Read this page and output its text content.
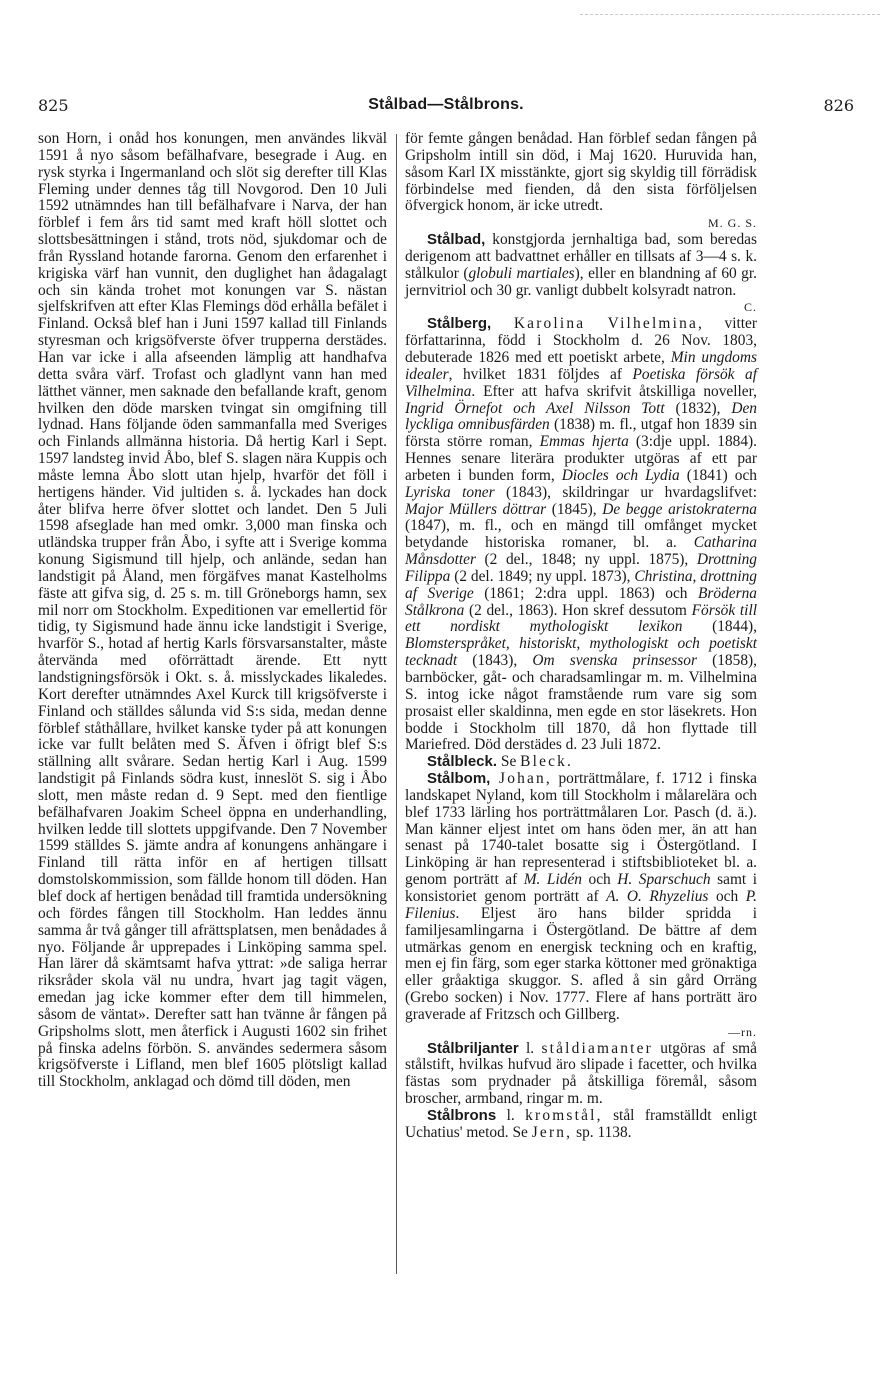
825	Stålbad—Stålbrons.	826

son Horn, i onåd hos konungen, men användes likväl 1591 å nyo såsom befälhafvare, besegrade i Aug. en rysk styrka i Ingermanland och slöt sig derefter till Klas Fleming under dennes tåg till Novgorod. Den 10 Juli 1592 utnämndes han till befälhafvare i Narva, der han förblef i fem års tid samt med kraft höll slottet och slottsbesättningen i stånd, trots nöd, sjukdomar och de från Ryssland hotande farorna. Genom den erfarenhet i krigiska värf han vunnit, den duglighet han ådagalagt och sin kända trohet mot konungen var S. nästan sjelfskrifven att efter Klas Flemings död erhålla befälet i Finland. Också blef han i Juni 1597 kallad till Finlands styresman och krigsöfverste öfver trupperna derstädes. Han var icke i alla afseenden lämplig att handhafva detta svåra värf. Trofast och gladlynt vann han med lätthet vänner, men saknade den befallande kraft, genom hvilken den döde marsken tvingat sin omgifning till lydnad. Hans följande öden sammanfalla med Sveriges och Finlands allmänna historia. Då hertig Karl i Sept. 1597 landsteg invid Åbo, blef S. slagen nära Kuppis och måste lemna Åbo slott utan hjelp, hvarför det föll i hertigens händer. Vid jultiden s. å. lyckades han dock åter blifva herre öfver slottet och landet. Den 5 Juli 1598 afseglade han med omkr. 3,000 man finska och utländska trupper från Åbo, i syfte att i Sverige komma konung Sigismund till hjelp, och anlände, sedan han landstigit på Åland, men förgäfves manat Kastelholms fäste att gifva sig, d. 25 s. m. till Gröneborgs hamn, sex mil norr om Stockholm. Expeditionen var emellertid för tidig, ty Sigismund hade ännu icke landstigit i Sverige, hvarför S., hotad af hertig Karls försvarsanstalter, måste återvända med oförrättadt ärende. Ett nytt landstigningsförsök i Okt. s. å. misslyckades likaledes. Kort derefter utnämndes Axel Kurck till krigsöfverste i Finland och ställdes sålunda vid S:s sida, medan denne förblef ståthållare, hvilket kanske tyder på att konungen icke var fullt belåten med S. Äfven i öfrigt blef S:s ställning allt svårare. Sedan hertig Karl i Aug. 1599 landstigit på Finlands södra kust, inneslöt S. sig i Åbo slott, men måste redan d. 9 Sept. med den fientlige befälhafvaren Joakim Scheel öppna en underhandling, hvilken ledde till slottets uppgifvande. Den 7 November 1599 ställdes S. jämte andra af konungens anhängare i Finland till rätta inför en af hertigen tillsatt domstolskommission, som fällde honom till döden. Han blef dock af hertigen benådad till framtida undersökning och fördes fången till Stockholm. Han leddes ännu samma år två gånger till afrättsplatsen, men benådades å nyo. Följande år upprepades i Linköping samma spel. Han lärer då skämtsamt hafva yttrat: »de saliga herrar riksråder skola väl nu undra, hvart jag tagit vägen, emedan jag icke kommer efter dem till himmelen, såsom de väntat». Derefter satt han tvänne år fången på Gripsholms slott, men återfick i Augusti 1602 sin frihet på finska adelns förbön. S. användes sedermera såsom krigsöfverste i Lifland, men blef 1605 plötsligt kallad till Stockholm, anklagad och dömd till döden, men

för femte gången benådad. Han förblef sedan fången på Gripsholm intill sin död, i Maj 1620. Huruvida han, såsom Karl IX misstänkte, gjort sig skyldig till förrädisk förbindelse med fienden, då den sista förföljelsen öfvergick honom, är icke utredt.
M. G. S.

Stålbad, konstgjorda jernhaltiga bad, som beredas derigenom att badvattnet erhåller en tillsats af 3—4 s. k. stålkulor (globuli martiales), eller en blandning af 60 gr. jernvitriol och 30 gr. vanligt dubbelt kolsyradt natron.
C.

Stålberg, Karolina Vilhelmina, vitter författarinna, född i Stockholm d. 26 Nov. 1803, debuterade 1826 med ett poetiskt arbete, Min ungdoms idealer, hvilket 1831 följdes af Poetiska försök af Vilhelmina. Efter att hafva skrifvit åtskilliga noveller, Ingrid Örnefot och Axel Nilsson Tott (1832), Den lyckliga omnibusfärden (1838) m. fl., utgaf hon 1839 sin första större roman, Emmas hjerta (3:dje uppl. 1884). Hennes senare literära produkter utgöras af ett par arbeten i bunden form, Diocles och Lydia (1841) och Lyriska toner (1843), skildringar ur hvardagslifvet: Major Müllers döttrar (1845), De begge aristokraterna (1847), m. fl., och en mängd till omfånget mycket betydande historiska romaner, bl. a. Catharina Månsdotter (2 del., 1848; ny uppl. 1875), Drottning Filippa (2 del. 1849; ny uppl. 1873), Christina, drottning af Sverige (1861; 2:dra uppl. 1863) och Bröderna Stålkrona (2 del., 1863). Hon skref dessutom Försök till ett nordiskt mythologiskt lexikon (1844), Blomsterspråket, historiskt, mythologiskt och poetiskt tecknadt (1843), Om svenska prinsessor (1858), barnböcker, gåt- och charadsamlingar m. m. Vilhelmina S. intog icke något framstående rum vare sig som prosaist eller skaldinna, men egde en stor läsekrets. Hon bodde i Stockholm till 1870, då hon flyttade till Mariefred. Död derstädes d. 23 Juli 1872.

Stålbleck. Se Bleck.

Stålbom, Johan, porträttmålare, f. 1712 i finska landskapet Nyland, kom till Stockholm i målarelära och blef 1733 lärling hos porträttmålaren Lor. Pasch (d. ä.). Man känner eljest intet om hans öden mer, än att han senast på 1740-talet bosatte sig i Östergötland. I Linköping är han representerad i stiftsbiblioteket bl. a. genom porträtt af M. Lidén och H. Sparschuch samt i konsistoriet genom porträtt af A. O. Rhyzelius och P. Filenius. Eljest äro hans bilder spridda i familjesamlingarna i Östergötland. De bättre af dem utmärkas genom en energisk teckning och en kraftig, men ej fin färg, som eger starka köttoner med grönaktiga eller gråaktiga skuggor. S. afled å sin gård Orräng (Grebo socken) i Nov. 1777. Flere af hans porträtt äro graverade af Fritzsch och Gillberg.
—rn.

Stålbriljanter l. ståldiamanter utgöras af små stålstift, hvilkas hufvud äro slipade i facetter, och hvilka fästas som prydnader på åtskilliga föremål, såsom broscher, armband, ringar m. m.

Stålbrons l. kromstål, stål framställdt enligt Uchatius' metod. Se Jern, sp. 1138.
